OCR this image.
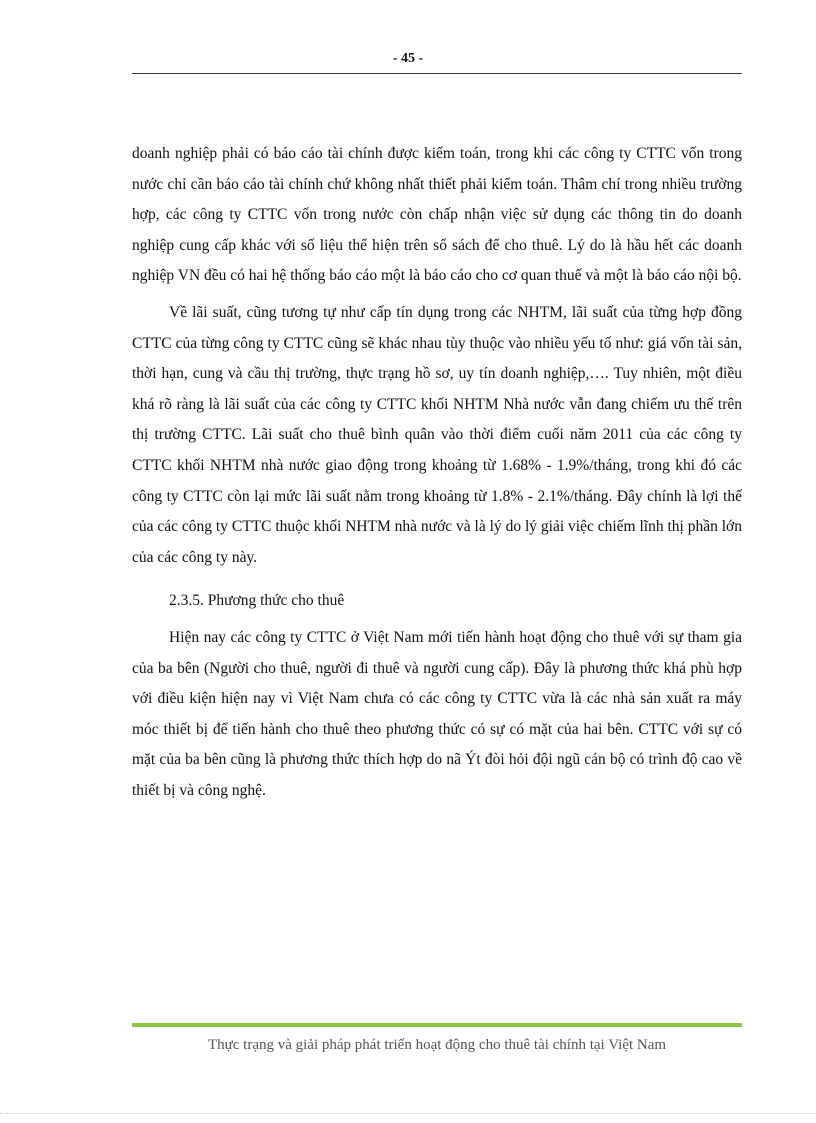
- 45 -

doanh nghiệp phải có báo cáo tài chính được kiểm toán, trong khi các công ty CTTC vốn trong nước chỉ cần báo cáo tài chính chứ không nhất thiết phải kiểm toán. Thâm chí trong nhiều trường hợp, các công ty CTTC vốn trong nước còn chấp nhận việc sử dụng các thông tin do doanh nghiệp cung cấp khác với số liệu thể hiện trên sổ sách để cho thuê. Lý do là hầu hết các doanh nghiệp VN đều có hai hệ thống báo cáo một là báo cáo cho cơ quan thuế và một là báo cáo nội bộ.

Về lãi suất, cũng tương tự như cấp tín dụng trong các NHTM, lãi suất của từng hợp đồng CTTC của từng công ty CTTC cũng sẽ khác nhau tùy thuộc vào nhiều yếu tố như: giá vốn tài sản, thời hạn, cung và cầu thị trường, thực trạng hồ sơ, uy tín doanh nghiệp,…. Tuy nhiên, một điều khá rõ ràng là lãi suất của các công ty CTTC khối NHTM Nhà nước vẫn đang chiếm ưu thế trên thị trường CTTC. Lãi suất cho thuê bình quân vào thời điểm cuối năm 2011 của các công ty CTTC khối NHTM nhà nước giao động trong khoảng từ 1.68% - 1.9%/tháng, trong khi đó các công ty CTTC còn lại mức lãi suất nằm trong khoảng từ 1.8% - 2.1%/tháng. Đây chính là lợi thế của các công ty CTTC thuộc khối NHTM nhà nước và là lý do lý giải việc chiếm lĩnh thị phần lớn của các công ty này.

2.3.5. Phương thức cho thuê

Hiện nay các công ty CTTC ở Việt Nam mới tiến hành hoạt động cho thuê với sự tham gia của ba bên (Người cho thuê, người đi thuê và người cung cấp). Đây là phương thức khá phù hợp với điều kiện hiện nay vì Việt Nam chưa có các công ty CTTC vừa là các nhà sản xuất ra máy móc thiết bị để tiến hành cho thuê theo phương thức có sự có mặt của hai bên. CTTC với sự có mặt của ba bên cũng là phương thức thích hợp do nã Ýt đòi hỏi đội ngũ cán bộ có trình độ cao về thiết bị và công nghệ.

Thực trạng và giải pháp phát triển hoạt động cho thuê tài chính tại Việt Nam
